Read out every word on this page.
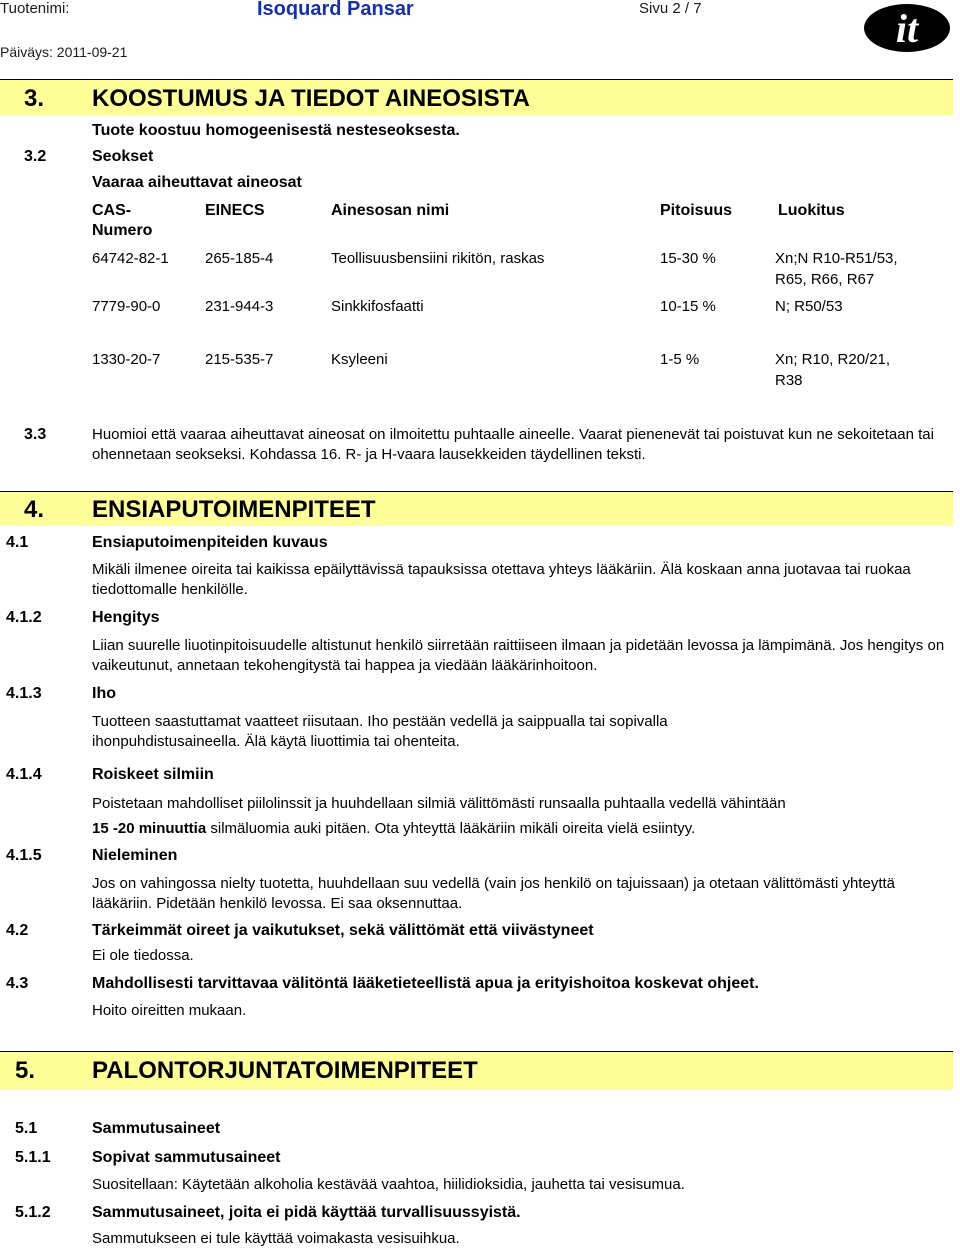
Tuotenimi:	Isoquard Pansar	Sivu 2 / 7
Päiväys: 2011-09-21
it
3. KOOSTUMUS JA TIEDOT AINEOSISTA
Tuote koostuu homogeenisestä nesteseoksesta.
3.2	Seokset
Vaaraa aiheuttavat aineosat
CAS-
Numero
EINECS	Ainesosan nimi	Pitoisuus	Luokitus
64742-82-1 265-185-4	Teollisuusbensiini rikitön, raskas	15-30 %	Xn;N R10-R51/53,
R65, R66, R67
7779-90-0	231-944-3	Sinkkifosfaatti	10-15 %	N; R50/53
1330-20-7	215-535-7	Ksyleeni	1-5 %	Xn; R10, R20/21,
R38
3.3	Huomioi että vaaraa aiheuttavat aineosat on ilmoitettu puhtaalle aineelle. Vaarat pienenevät tai poistuvat kun ne sekoitetaan tai ohennetaan seokseksi. Kohdassa 16. R- ja H-vaara lausekkeiden täydellinen teksti.

4. ENSIAPUTOIMENPITEET
4.1	Ensiaputoimenpiteiden kuvaus

Mikäli ilmenee oireita tai kaikissa epäilyttävissä tapauksissa otettava yhteys lääkäriin. Älä koskaan anna juotavaa tai ruokaa tiedottomalle henkilölle.

4.1.2	Hengitys

Liian suurelle liuotinpitoisuudelle altistunut henkilö siirretään raittiiseen ilmaan ja pidetään levossa ja lämpimänä. Jos hengitys on vaikeutunut, annetaan tekohengitystä tai happea ja viedään lääkärinhoitoon.

4.1.3	Iho

Tuotteen saastuttamat vaatteet riisutaan. Iho pestään vedellä ja saippualla tai sopivalla ihonpuhdistusaineella. Älä käytä liuottimia tai ohenteita.

4.1.4	Roiskeet silmiin

Poistetaan mahdolliset piilolinssit ja huuhdellaan silmiä välittömästi runsaalla puhtaalla vedellä vähintään

15 -20 minuuttia silmäluomia auki pitäen. Ota yhteyttä lääkäriin mikäli oireita vielä esiintyy.
4.1.5	Nieleminen

Jos on vahingossa nielty tuotetta, huuhdellaan suu vedellä (vain jos henkilö on tajuissaan) ja otetaan välittömästi yhteyttä lääkäriin. Pidetään henkilö levossa. Ei saa oksennuttaa.

4.2	Tärkeimmät oireet ja vaikutukset, sekä välittömät että viivästyneet
Ei ole tiedossa.
4.3	Mahdollisesti tarvittavaa välitöntä lääketieteellistä apua ja erityishoitoa koskevat ohjeet.
Hoito oireitten mukaan.
5. PALONTORJUNTATOIMENPITEET
5.1	Sammutusaineet
5.1.1	Sopivat sammutusaineet
Suositellaan: Käytetään alkoholia kestävää vaahtoa, hiilidioksidia, jauhetta tai vesisumua.
5.1.2	Sammutusaineet, joita ei pidä käyttää turvallisuussyistä.
Sammutukseen ei tule käyttää voimakasta vesisuihkua.
